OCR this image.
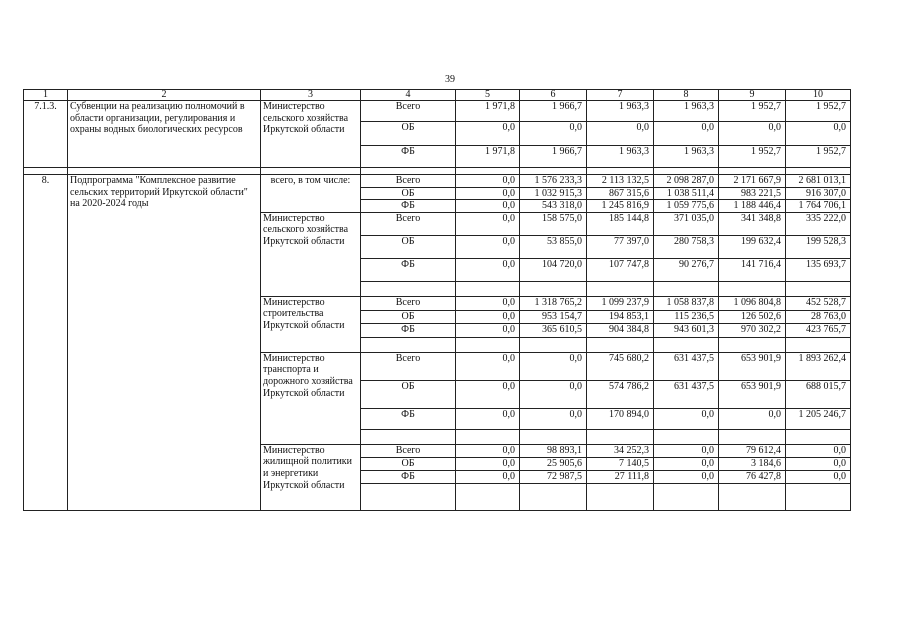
39
1	2	3	4	5	6	7	8	9	10
7.1.3.	Субвенции на реализацию полномочий в области организации, регулирования и охраны водных биологических ресурсов	Министерство сельского хозяйства Иркутской области	Всего	1 971,8	1 966,7	1 963,3	1 963,3	1 952,7	1 952,7
			ОБ	0,0	0,0	0,0	0,0	0,0	0,0
			ФБ	1 971,8	1 966,7	1 963,3	1 963,3	1 952,7	1 952,7

8.	Подпрограмма "Комплексное развитие сельских территорий Иркутской области" на 2020-2024 годы	всего, в том числе:	Всего	0,0	1 576 233,3	2 113 132,5	2 098 287,0	2 171 667,9	2 681 013,1
			ОБ	0,0	1 032 915,3	867 315,6	1 038 511,4	983 221,5	916 307,0
			ФБ	0,0	543 318,0	1 245 816,9	1 059 775,6	1 188 446,4	1 764 706,1
		Министерство сельского хозяйства Иркутской области	Всего	0,0	158 575,0	185 144,8	371 035,0	341 348,8	335 222,0
			ОБ	0,0	53 855,0	77 397,0	280 758,3	199 632,4	199 528,3
			ФБ	0,0	104 720,0	107 747,8	90 276,7	141 716,4	135 693,7

		Министерство строительства Иркутской области	Всего	0,0	1 318 765,2	1 099 237,9	1 058 837,8	1 096 804,8	452 528,7
			ОБ	0,0	953 154,7	194 853,1	115 236,5	126 502,6	28 763,0
			ФБ	0,0	365 610,5	904 384,8	943 601,3	970 302,2	423 765,7

		Министерство транспорта и дорожного хозяйства Иркутской области	Всего	0,0	0,0	745 680,2	631 437,5	653 901,9	1 893 262,4
			ОБ	0,0	0,0	574 786,2	631 437,5	653 901,9	688 015,7
			ФБ	0,0	0,0	170 894,0	0,0	0,0	1 205 246,7

		Министерство жилищной политики и энергетики Иркутской области	Всего	0,0	98 893,1	34 252,3	0,0	79 612,4	0,0
			ОБ	0,0	25 905,6	7 140,5	0,0	3 184,6	0,0
			ФБ	0,0	72 987,5	27 111,8	0,0	76 427,8	0,0
